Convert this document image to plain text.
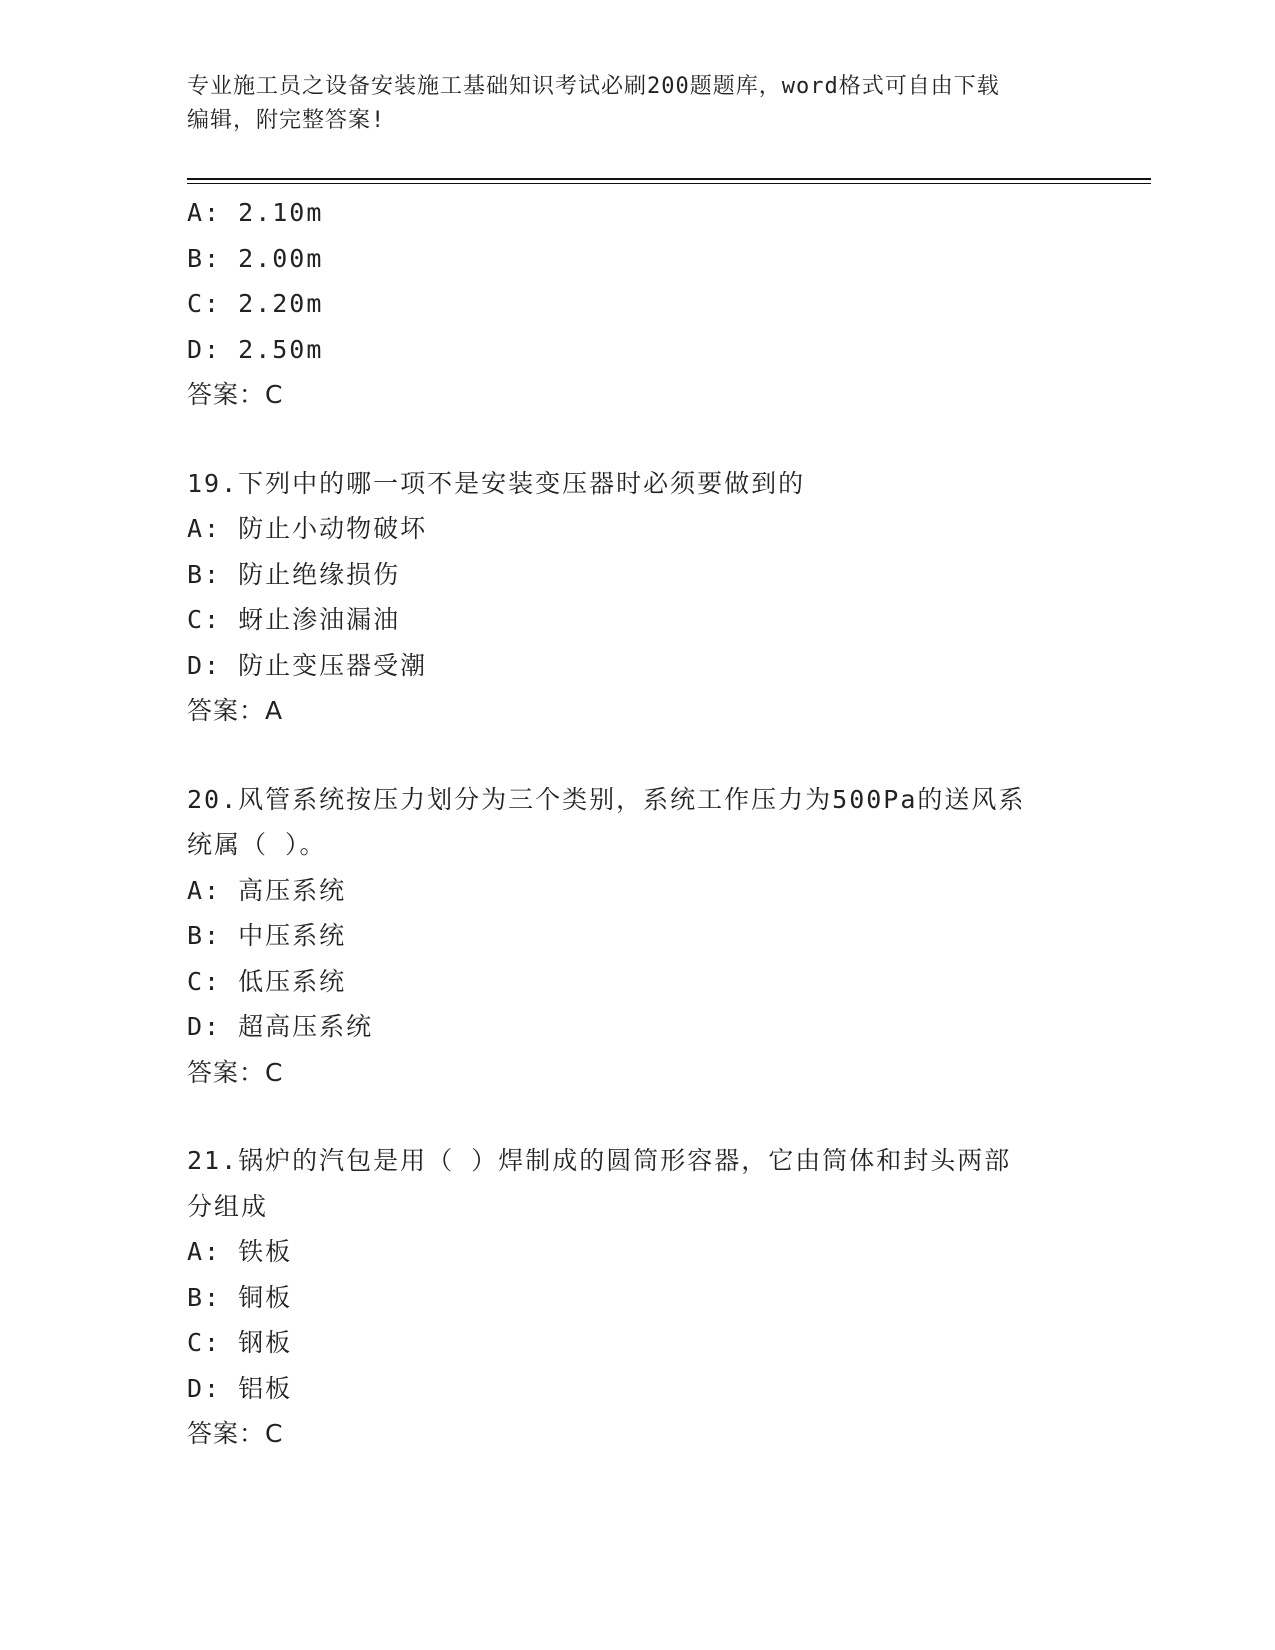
专业施工员之设备安装施工基础知识考试必刷200题题库，word格式可自由下载
编辑，附完整答案!
A: 2.10m
B: 2.00m
C: 2.20m
D: 2.50m
答案：C
19.下列中的哪一项不是安装变压器时必须要做到的
A: 防止小动物破坏
B: 防止绝缘损伤
C: 蚜止渗油漏油
D: 防止变压器受潮
答案：A
20.风管系统按压力划分为三个类别，系统工作压力为500Pa的送风系
统属（ ）。
A: 高压系统
B: 中压系统
C: 低压系统
D: 超高压系统
答案：C
21.锅炉的汽包是用（ ）焊制成的圆筒形容器，它由筒体和封头两部
分组成
A: 铁板
B: 铜板
C: 钢板
D: 铝板
答案：C
